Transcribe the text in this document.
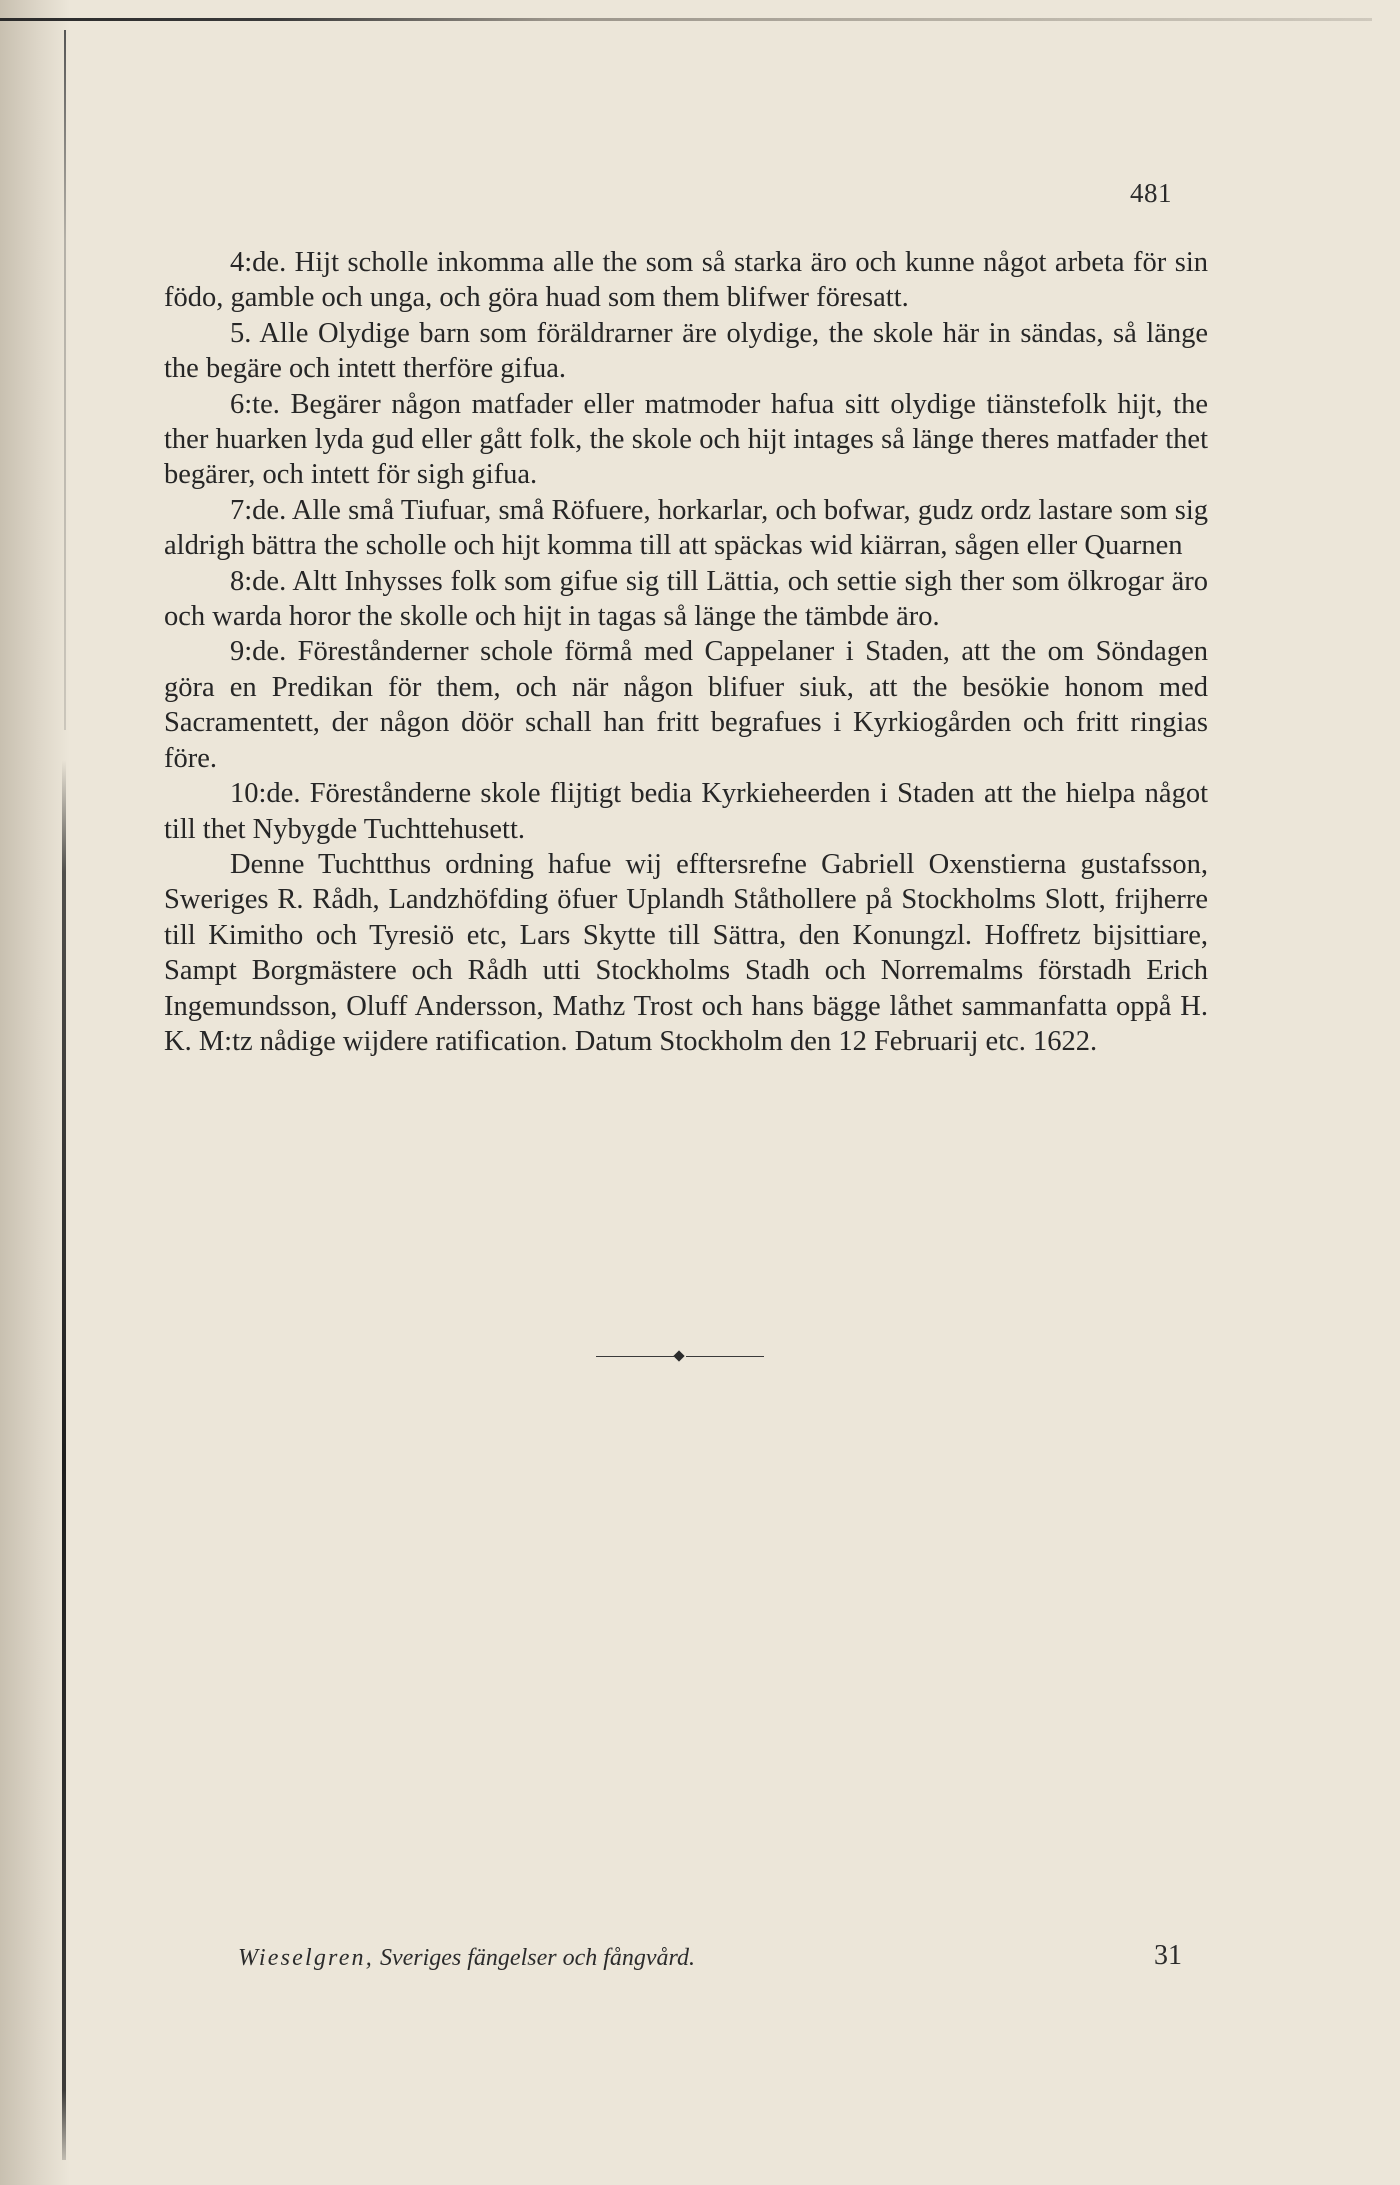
481

4:de. Hijt scholle inkomma alle the som så starka äro och kunne något arbeta för sin födo, gamble och unga, och göra huad som them blifwer föresatt.

5. Alle Olydige barn som föräldrarner äre olydige, the skole här in sändas, så länge the begäre och intett therföre gifua.

6:te. Begärer någon matfader eller matmoder hafua sitt olydige tiänstefolk hijt, the ther huarken lyda gud eller gått folk, the skole och hijt intages så länge theres matfader thet begärer, och intett för sigh gifua.

7:de. Alle små Tiufuar, små Röfuere, horkarlar, och bofwar, gudz ordz lastare som sig aldrigh bättra the scholle och hijt komma till att späckas wid kiärran, sågen eller Quarnen

8:de. Altt Inhysses folk som gifue sig till Lättia, och settie sigh ther som ölkrogar äro och warda horor the skolle och hijt in tagas så länge the tämbde äro.

9:de. Förestånderner schole förmå med Cappelaner i Staden, att the om Söndagen göra en Predikan för them, och när någon blifuer siuk, att the besökie honom med Sacramentett, der någon döör schall han fritt begrafues i Kyrkiogården och fritt ringias före.

10:de. Förestånderne skole flijtigt bedia Kyrkieheerden i Staden att the hielpa något till thet Nybygde Tuchttehusett.

Denne Tuchtthus ordning hafue wij efftersrefne Gabriell Oxenstierna gustafsson, Sweriges R. Rådh, Landzhöfding öfuer Uplandh Ståthollere på Stockholms Slott, frijherre till Kimitho och Tyresiö etc, Lars Skytte till Sättra, den Konungzl. Hoffretz bijsittiare, Sampt Borgmästere och Rådh utti Stockholms Stadh och Norremalms förstadh Erich Ingemundsson, Oluff Andersson, Mathz Trost och hans bägge låthet sammanfatta oppå H. K. M:tz nådige wijdere ratification. Datum Stockholm den 12 Februarij etc. 1622.

Wieselgren, Sveriges fängelser och fångvård.	31
